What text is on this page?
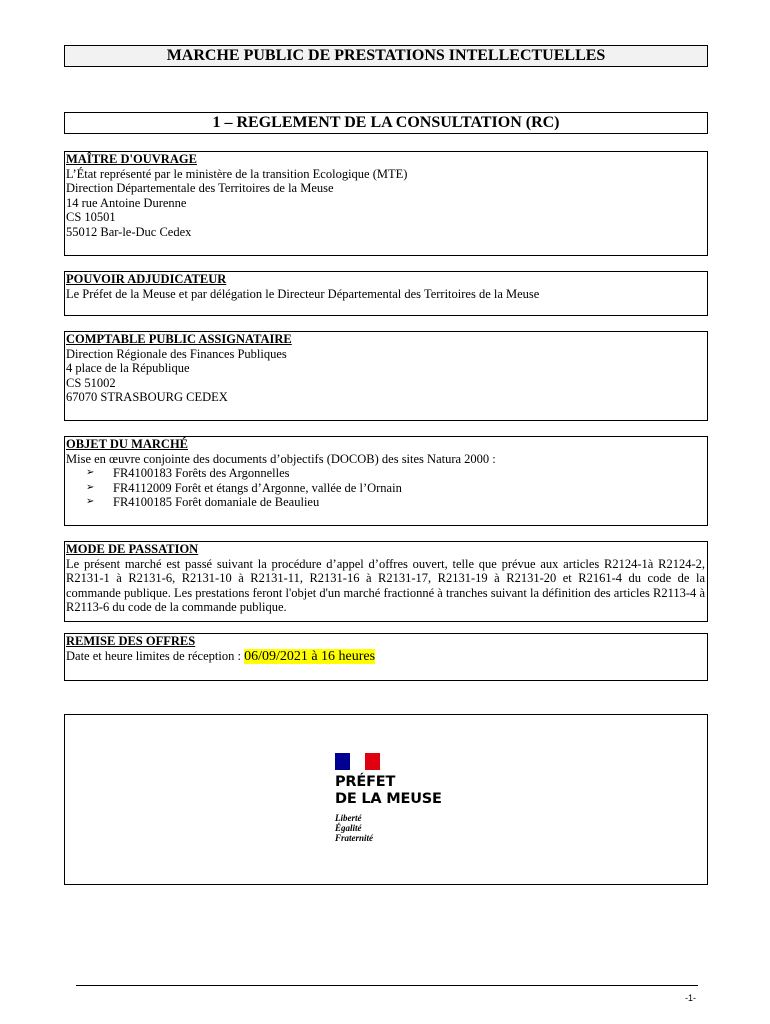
MARCHE PUBLIC DE PRESTATIONS INTELLECTUELLES
1 – REGLEMENT DE LA CONSULTATION (RC)
MAÎTRE D'OUVRAGE

L’État représenté par le ministère de la transition Ecologique (MTE)

Direction Départementale des Territoires de la Meuse

14 rue Antoine Durenne

CS 10501

55012 Bar-le-Duc Cedex

POUVOIR ADJUDICATEUR

Le Préfet de la Meuse et par délégation le Directeur Départemental des Territoires de la Meuse

COMPTABLE PUBLIC ASSIGNATAIRE

Direction Régionale des Finances Publiques

4 place de la République

CS 51002

67070 STRASBOURG CEDEX

OBJET DU MARCHÉ

Mise en œuvre conjointe des documents d’objectifs (DOCOB) des sites Natura 2000 :

➢ FR4100183 Forêts des Argonnelles
➢ FR4112009 Forêt et étangs d’Argonne, vallée de l’Ornain
➢ FR4100185 Forêt domaniale de Beaulieu
MODE DE PASSATION

Le présent marché est passé suivant la procédure d’appel d’offres ouvert, telle que prévue aux articles R2124-1à R2124-2, R2131-1 à R2131-6, R2131-10 à R2131-11, R2131-16 à R2131-17, R2131-19 à R2131-20 et R2161-4 du code de la commande publique. Les prestations feront l'objet d'un marché fractionné à tranches suivant la définition des articles R2113-4 à R2113-6 du code de la commande publique.

REMISE DES OFFRES

Date et heure limites de réception : 06/09/2021 à 16 heures

PRÉFET
DE LA MEUSE
Liberté
Égalité
Fraternité
-1-
